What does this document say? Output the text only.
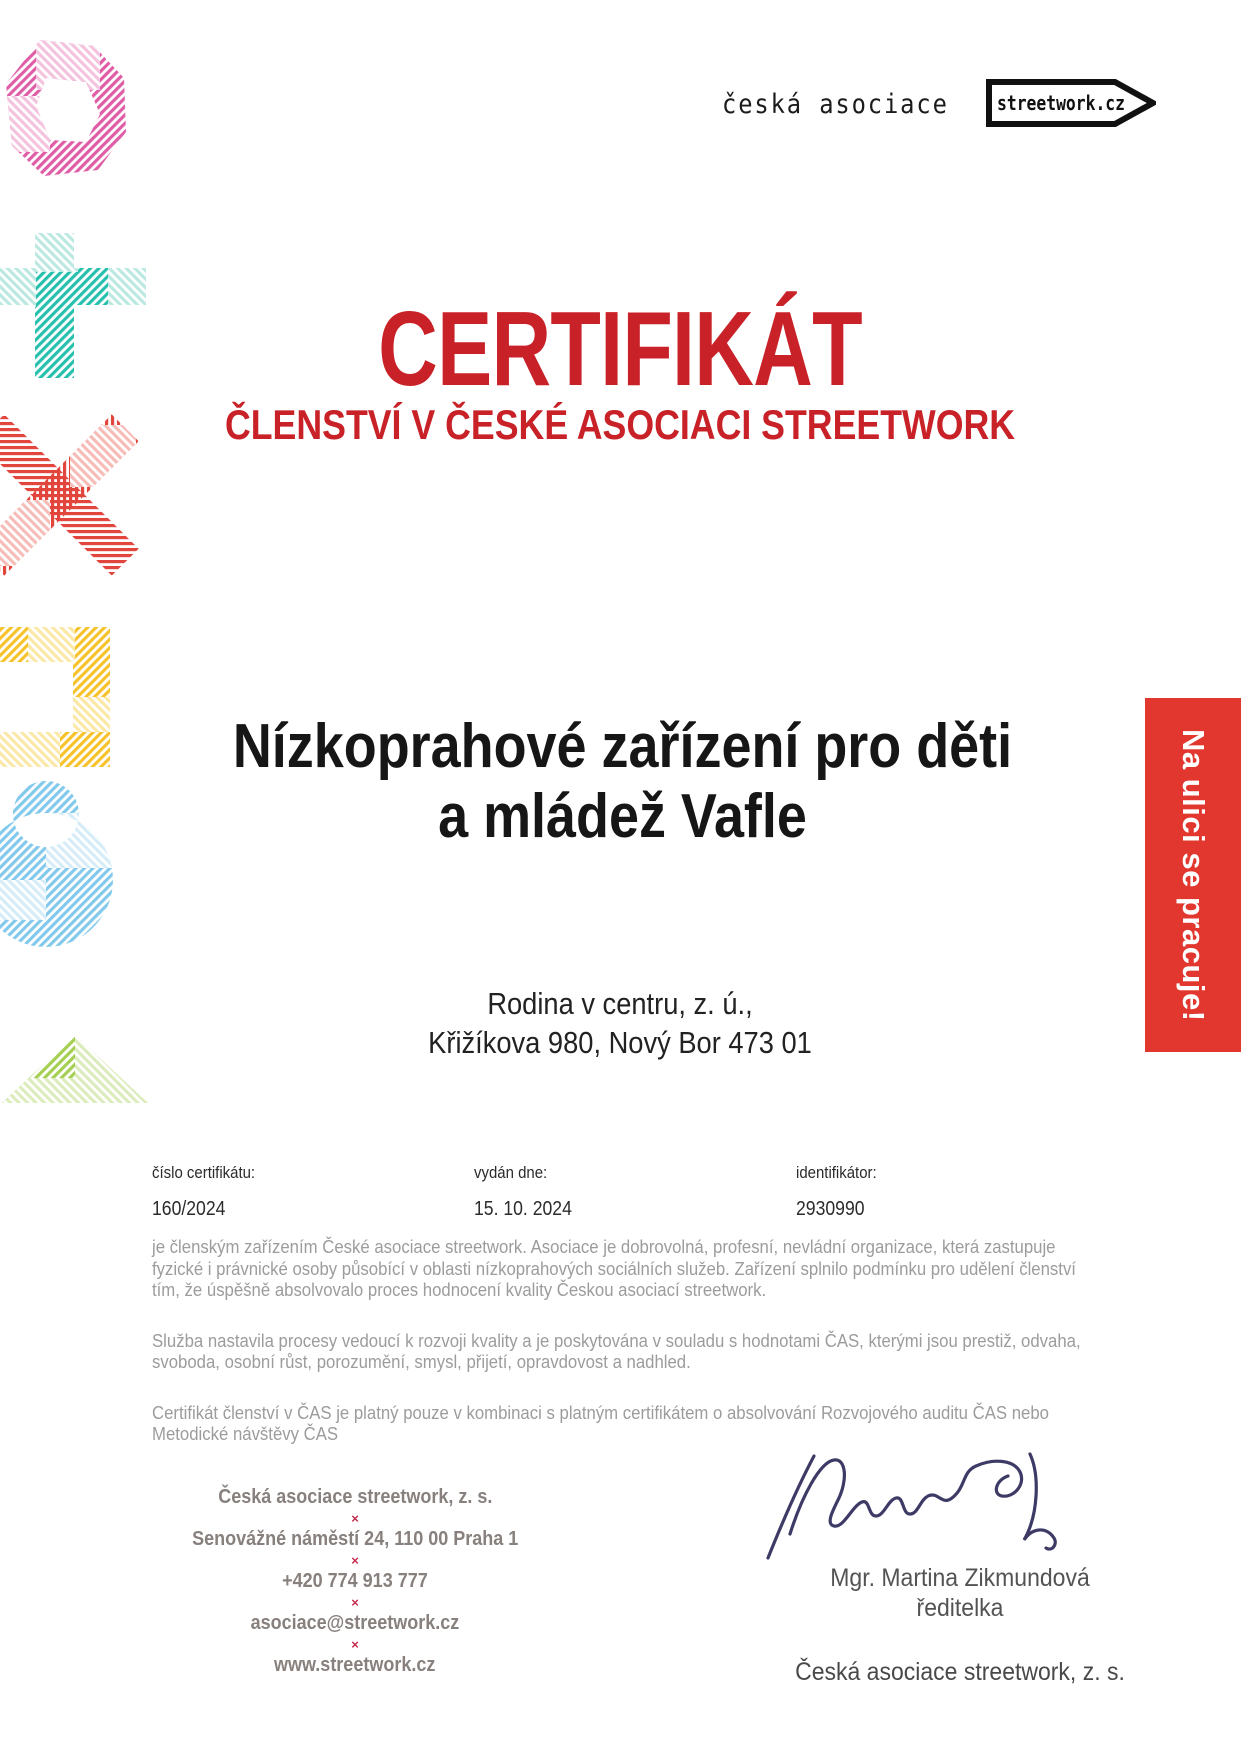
česká asociace streetwork.cz
CERTIFIKÁT
ČLENSTVÍ V ČESKÉ ASOCIACI STREETWORK
Nízkoprahové zařízení pro děti
a mládež Vafle
Rodina v centru, z. ú.,
Křižíkova 980, Nový Bor 473 01
Na ulici se pracuje!
číslo certifikátu:
160/2024
vydán dne:
15. 10. 2024
identifikátor:
2930990

je členským zařízením České asociace streetwork. Asociace je dobrovolná, profesní, nevládní organizace, která zastupuje fyzické i právnické osoby působící v oblasti nízkoprahových sociálních služeb. Zařízení splnilo podmínku pro udělení členství tím, že úspěšně absolvovalo proces hodnocení kvality Českou asociací streetwork.

Služba nastavila procesy vedoucí k rozvoji kvality a je poskytována v souladu s hodnotami ČAS, kterými jsou prestiž, odvaha, svoboda, osobní růst, porozumění, smysl, přijetí, opravdovost a nadhled.

Certifikát členství v ČAS je platný pouze v kombinaci s platným certifikátem o absolvování Rozvojového auditu ČAS nebo Metodické návštěvy ČAS

Česká asociace streetwork, z. s.
×
Senovážné náměstí 24, 110 00 Praha 1
×
+420 774 913 777
×
asociace@streetwork.cz
×
www.streetwork.cz
Mgr. Martina Zikmundová
ředitelka
Česká asociace streetwork, z. s.
